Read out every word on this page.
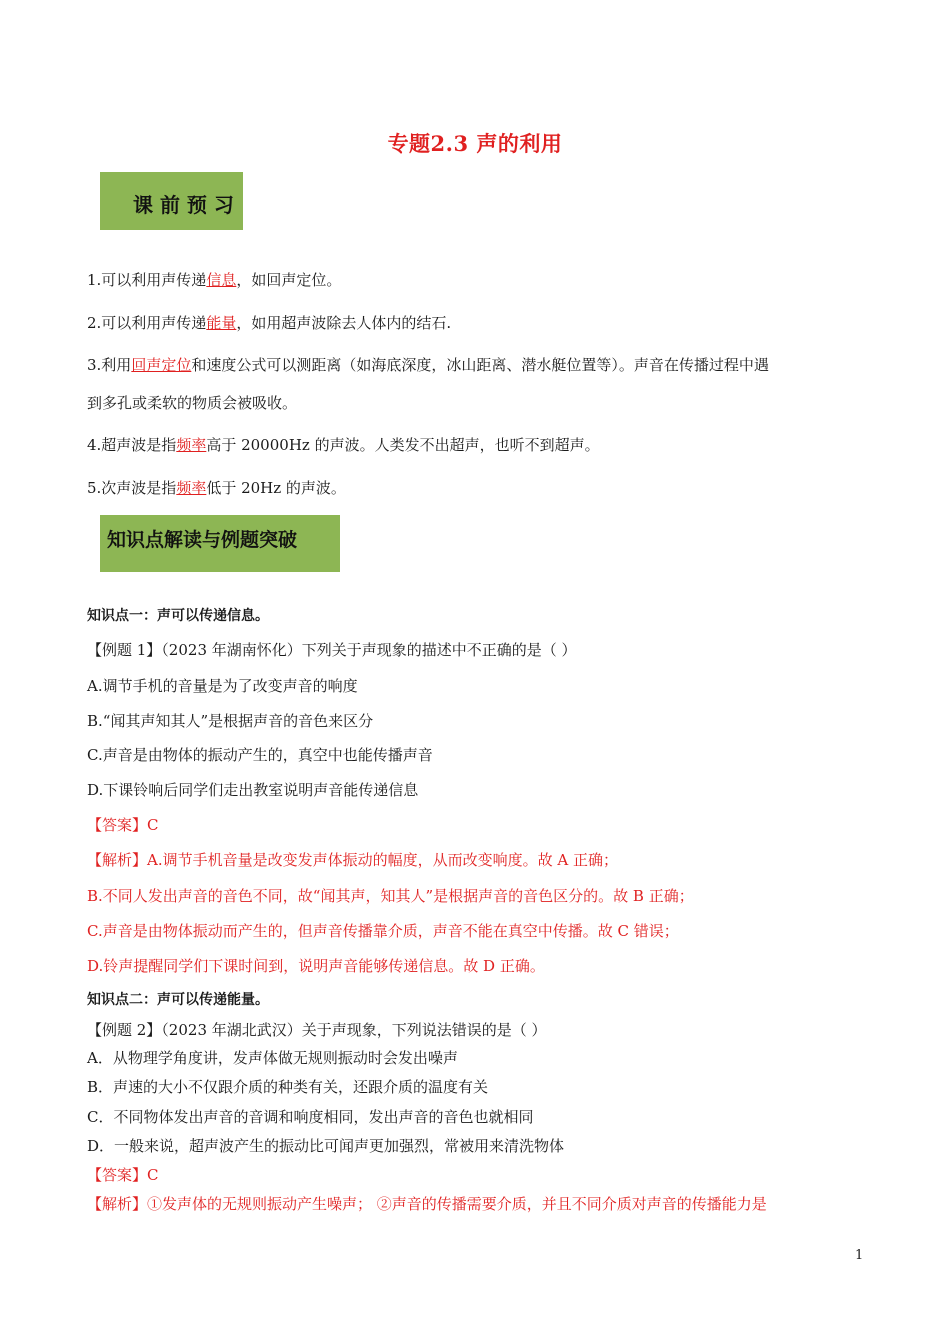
专题2.3 声的利用
课 前 预 习
1.可以利用声传递信息，如回声定位。
2.可以利用声传递能量，如用超声波除去人体内的结石.
3.利用回声定位和速度公式可以测距离（如海底深度，冰山距离、潜水艇位置等）。声音在传播过程中遇
到多孔或柔软的物质会被吸收。
4.超声波是指频率高于 20000Hz 的声波。人类发不出超声，也听不到超声。
5.次声波是指频率低于 20Hz 的声波。
知识点解读与例题突破
知识点一：声可以传递信息。
【例题 1】（2023 年湖南怀化）下列关于声现象的描述中不正确的是（ ）
A.调节手机的音量是为了改变声音的响度
B.“闻其声知其人”是根据声音的音色来区分
C.声音是由物体的振动产生的，真空中也能传播声音
D.下课铃响后同学们走出教室说明声音能传递信息
【答案】C
【解析】A.调节手机音量是改变发声体振动的幅度，从而改变响度。故 A 正确；
B.不同人发出声音的音色不同，故“闻其声，知其人”是根据声音的音色区分的。故 B 正确；
C.声音是由物体振动而产生的，但声音传播靠介质，声音不能在真空中传播。故 C 错误；
D.铃声提醒同学们下课时间到，说明声音能够传递信息。故 D 正确。
知识点二：声可以传递能量。
【例题 2】（2023 年湖北武汉）关于声现象，下列说法错误的是（ ）
A．从物理学角度讲，发声体做无规则振动时会发出噪声
B．声速的大小不仅跟介质的种类有关，还跟介质的温度有关
C．不同物体发出声音的音调和响度相同，发出声音的音色也就相同
D．一般来说，超声波产生的振动比可闻声更加强烈，常被用来清洗物体
【答案】C
【解析】①发声体的无规则振动产生噪声； ②声音的传播需要介质，并且不同介质对声音的传播能力是
1
